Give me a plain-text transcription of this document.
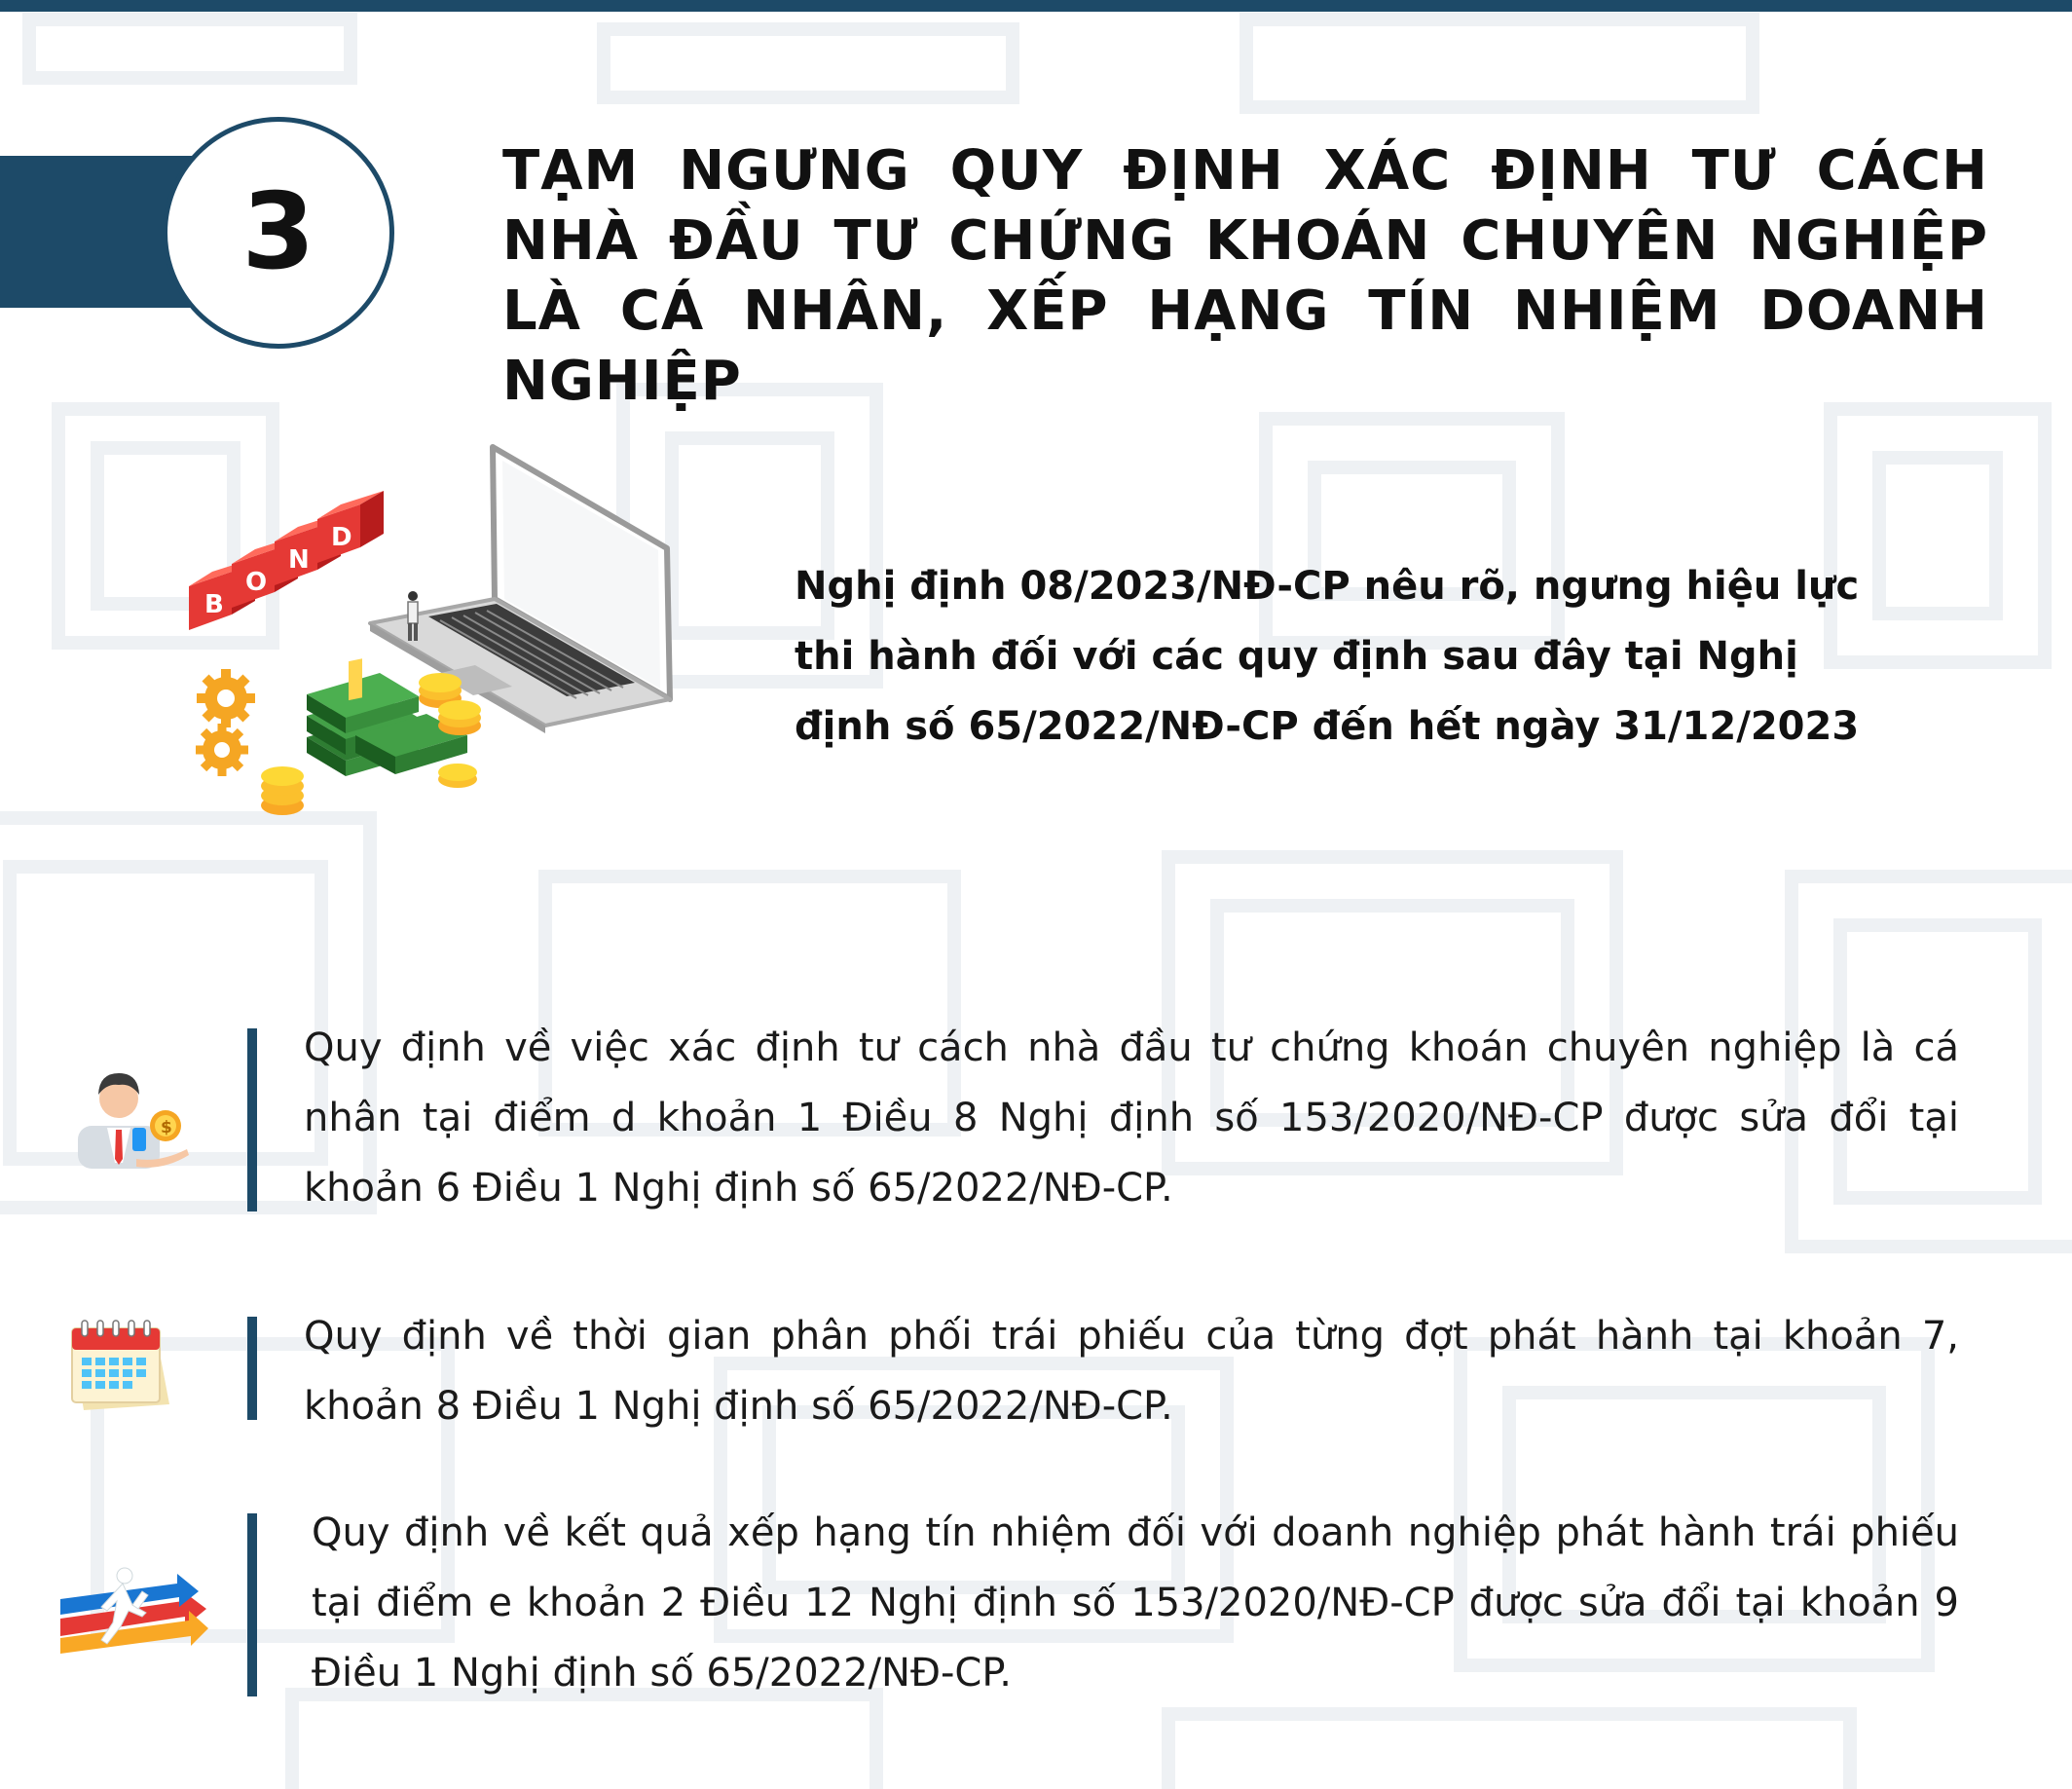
3
TẠM NGƯNG QUY ĐỊNH XÁC ĐỊNH TƯ CÁCH NHÀ ĐẦU TƯ CHỨNG KHOÁN CHUYÊN NGHIỆP LÀ CÁ NHÂN, XẾP HẠNG TÍN NHIỆM DOANH NGHIỆP
B
O
N
D

Nghị định 08/2023/NĐ-CP nêu rõ, ngưng hiệu lực thi hành đối với các quy định sau đây tại Nghị định số 65/2022/NĐ-CP đến hết ngày 31/12/2023

$

Quy định về việc xác định tư cách nhà đầu tư chứng khoán chuyên nghiệp là cá nhân tại điểm d khoản 1 Điều 8 Nghị định số 153/2020/NĐ-CP được sửa đổi tại khoản 6 Điều 1 Nghị định số 65/2022/NĐ-CP.

Quy định về thời gian phân phối trái phiếu của từng đợt phát hành tại khoản 7, khoản 8 Điều 1 Nghị định số 65/2022/NĐ-CP.

Quy định về kết quả xếp hạng tín nhiệm đối với doanh nghiệp phát hành trái phiếu tại điểm e khoản 2 Điều 12 Nghị định số 153/2020/NĐ-CP được sửa đổi tại khoản 9 Điều 1 Nghị định số 65/2022/NĐ-CP.
